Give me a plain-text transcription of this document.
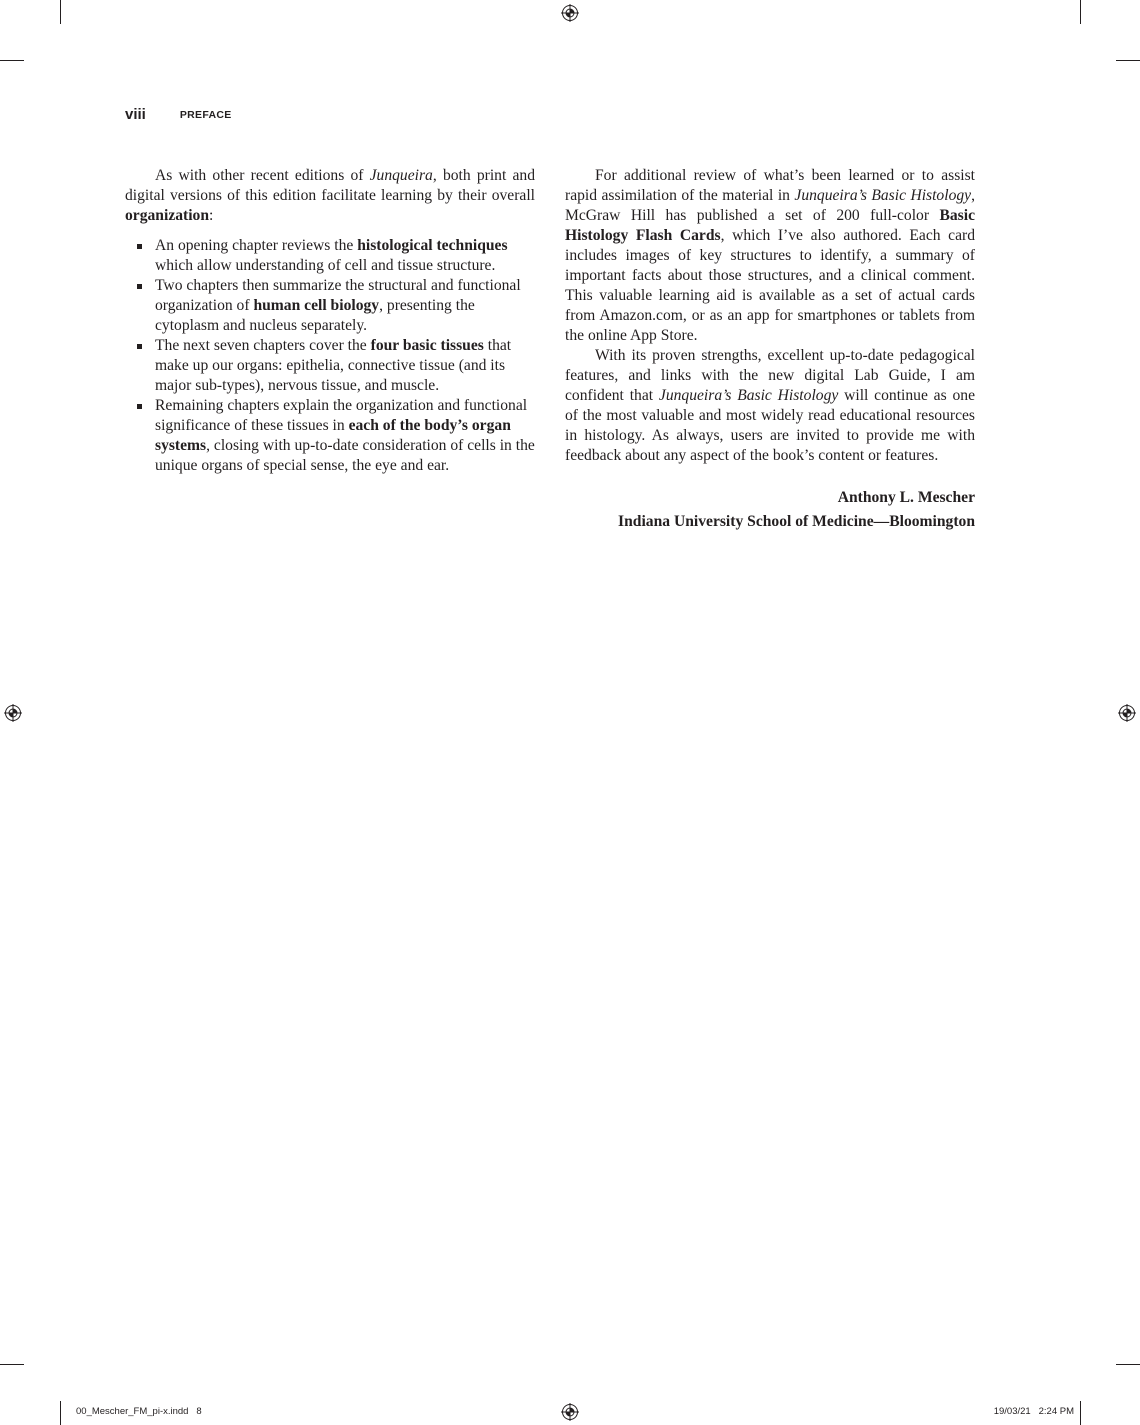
viii	PREFACE

As with other recent editions of Junqueira, both print and digital versions of this edition facilitate learning by their overall organization:

An opening chapter reviews the histological techniques which allow understanding of cell and tissue structure.
Two chapters then summarize the structural and functional organization of human cell biology, presenting the cytoplasm and nucleus separately.
The next seven chapters cover the four basic tissues that make up our organs: epithelia, connective tissue (and its major sub-types), nervous tissue, and muscle.
Remaining chapters explain the organization and functional significance of these tissues in each of the body’s organ systems, closing with up-to-date consideration of cells in the unique organs of special sense, the eye and ear.

For additional review of what’s been learned or to assist rapid assimilation of the material in Junqueira’s Basic Histology, McGraw Hill has published a set of 200 full-color Basic Histology Flash Cards, which I’ve also authored. Each card includes images of key structures to identify, a summary of important facts about those structures, and a clinical comment. This valuable learning aid is available as a set of actual cards from Amazon.com, or as an app for smartphones or tablets from the online App Store.

With its proven strengths, excellent up-to-date pedagogical features, and links with the new digital Lab Guide, I am confident that Junqueira’s Basic Histology will continue as one of the most valuable and most widely read educational resources in histology. As always, users are invited to provide me with feedback about any aspect of the book’s content or features.

Anthony L. Mescher
Indiana University School of Medicine—Bloomington
00_Mescher_FM_pi-x.indd   8	19/03/21   2:24 PM
